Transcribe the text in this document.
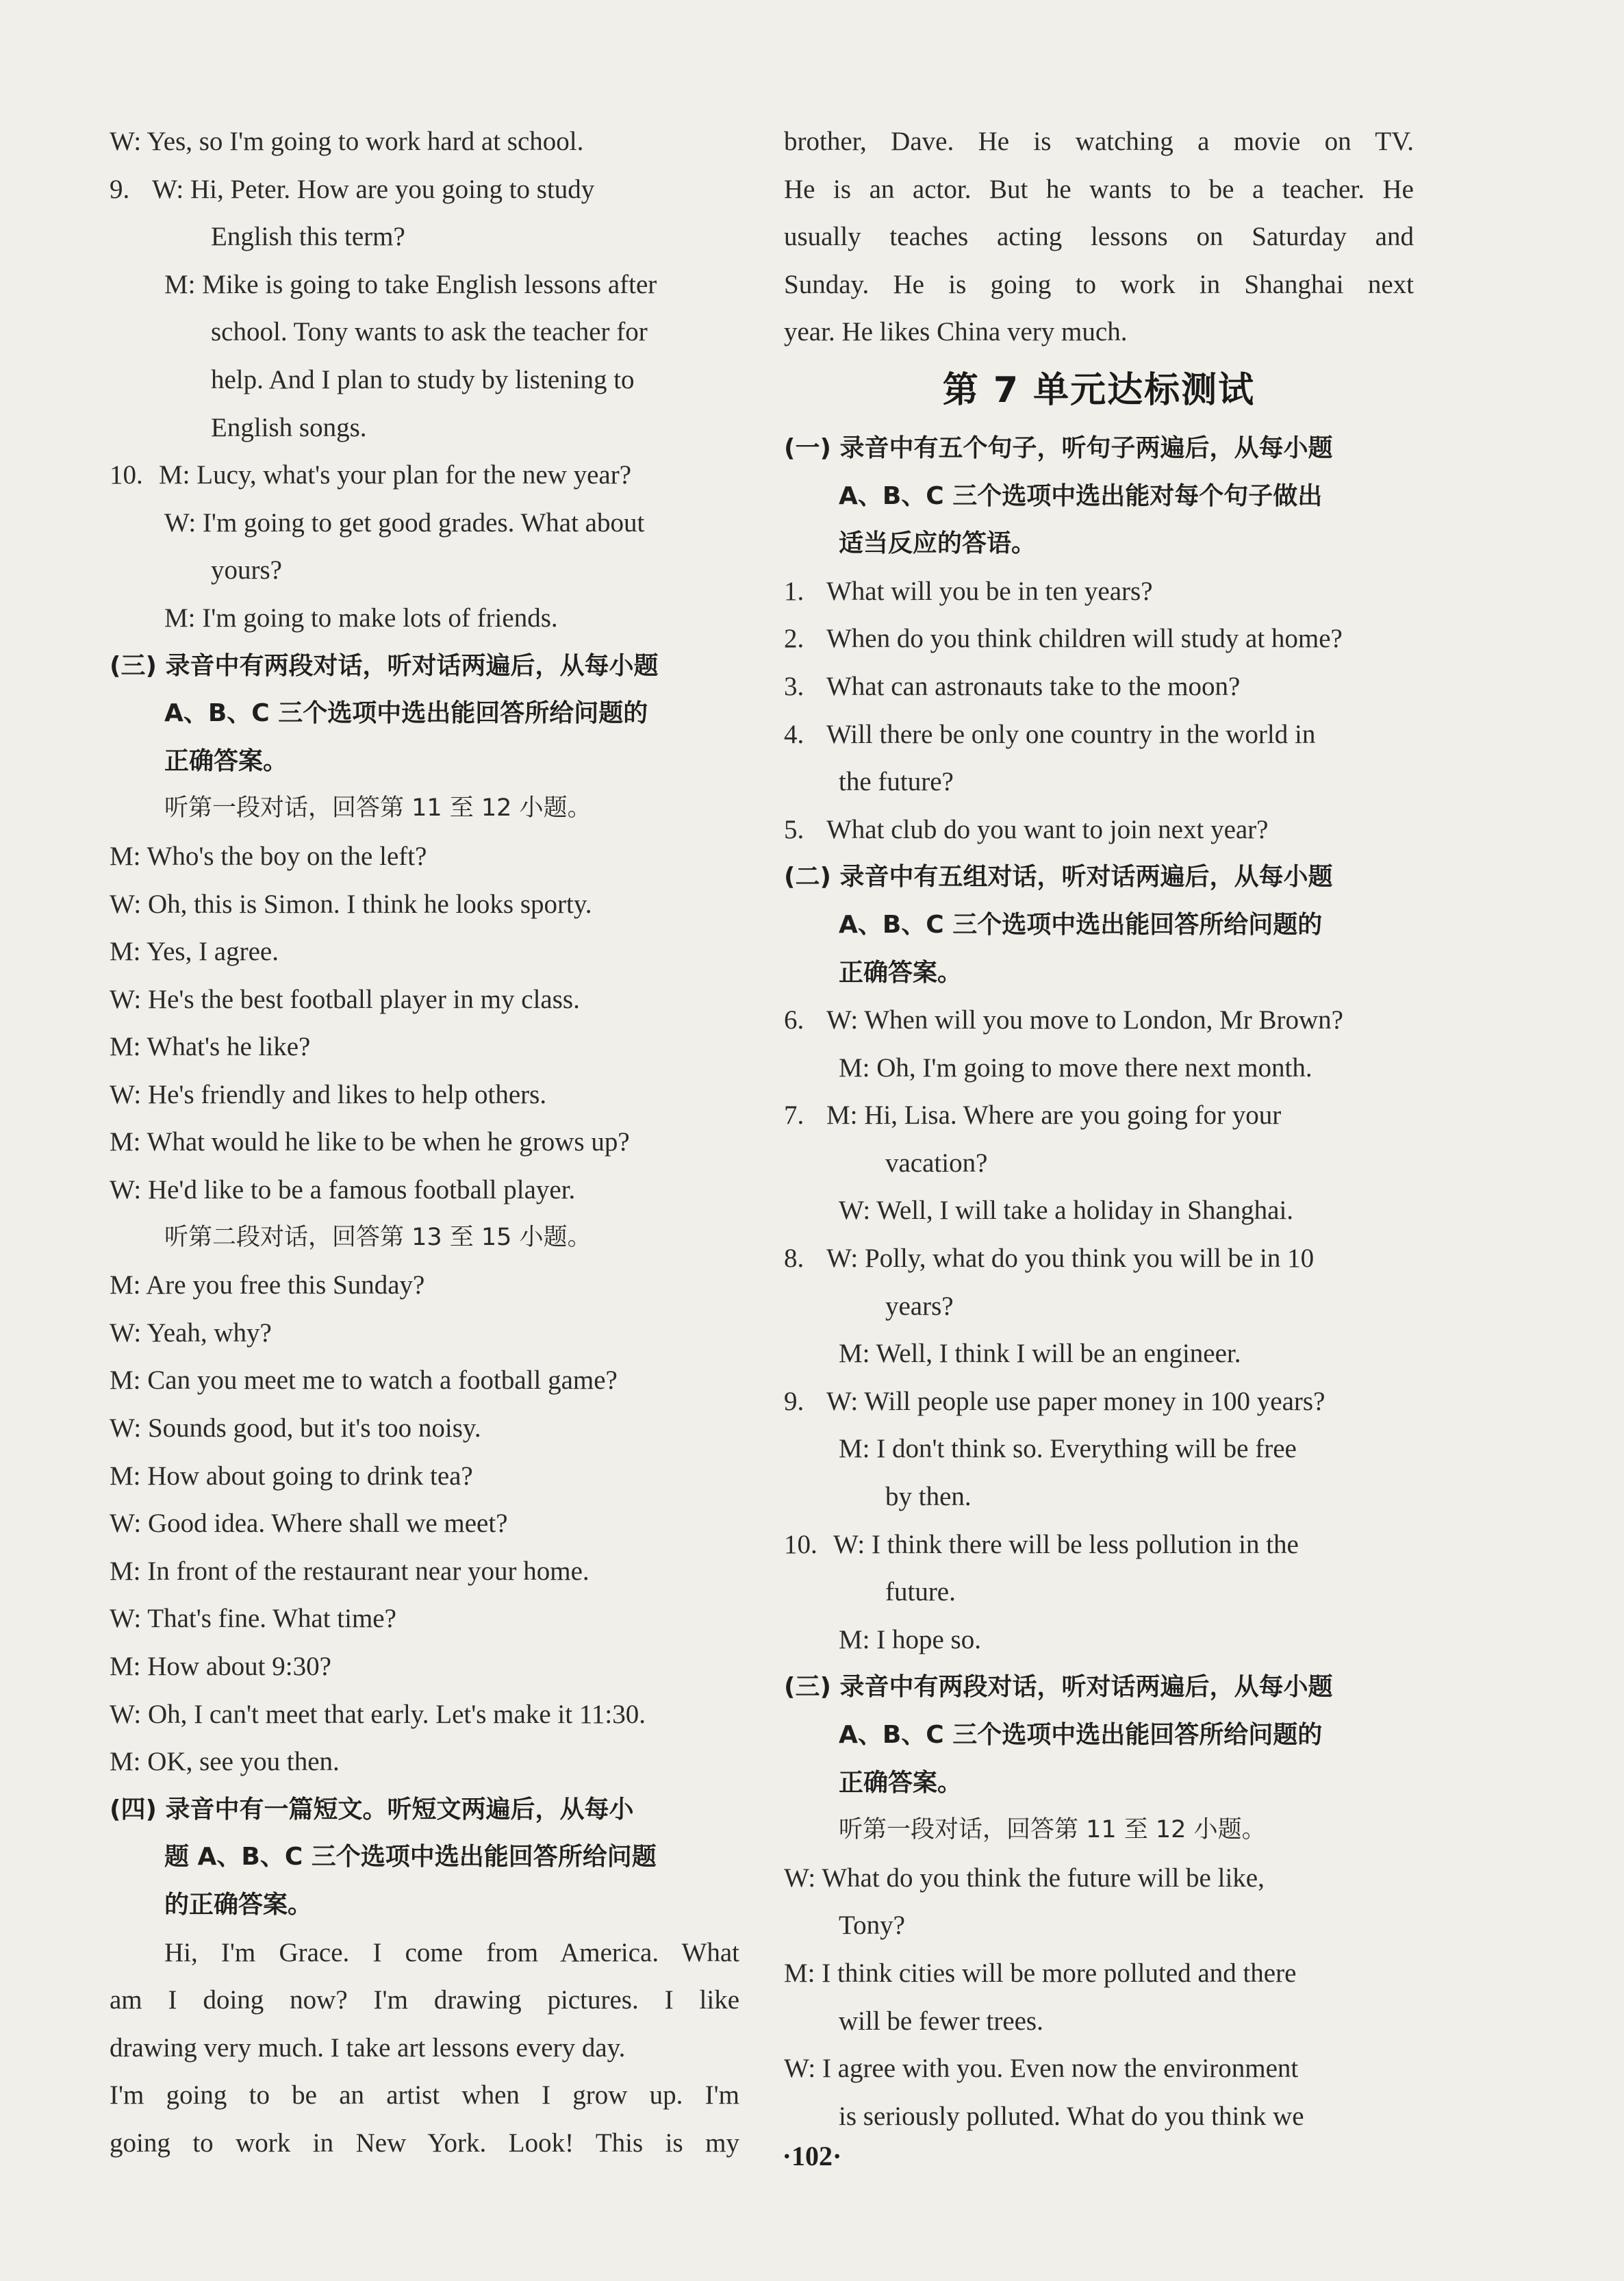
W: Yes, so I'm going to work hard at school.
9. W: Hi, Peter. How are you going to study
English this term?
M: Mike is going to take English lessons after
school. Tony wants to ask the teacher for
help. And I plan to study by listening to
English songs.
10. M: Lucy, what's your plan for the new year?
W: I'm going to get good grades. What about
yours?
M: I'm going to make lots of friends.
(三) 录音中有两段对话，听对话两遍后，从每小题
A、B、C 三个选项中选出能回答所给问题的
正确答案。
听第一段对话，回答第 11 至 12 小题。
M: Who's the boy on the left?
W: Oh, this is Simon. I think he looks sporty.
M: Yes, I agree.
W: He's the best football player in my class.
M: What's he like?
W: He's friendly and likes to help others.
M: What would he like to be when he grows up?
W: He'd like to be a famous football player.
听第二段对话，回答第 13 至 15 小题。
M: Are you free this Sunday?
W: Yeah, why?
M: Can you meet me to watch a football game?
W: Sounds good, but it's too noisy.
M: How about going to drink tea?
W: Good idea. Where shall we meet?
M: In front of the restaurant near your home.
W: That's fine. What time?
M: How about 9:30?
W: Oh, I can't meet that early. Let's make it 11:30.
M: OK, see you then.
(四) 录音中有一篇短文。听短文两遍后，从每小
题 A、B、C 三个选项中选出能回答所给问题
的正确答案。
Hi, I'm Grace. I come from America. What
am I doing now? I'm drawing pictures. I like
drawing very much. I take art lessons every day.
I'm going to be an artist when I grow up. I'm
going to work in New York. Look! This is my
brother, Dave. He is watching a movie on TV.
He is an actor. But he wants to be a teacher. He
usually teaches acting lessons on Saturday and
Sunday. He is going to work in Shanghai next
year. He likes China very much.
第 7 单元达标测试
(一) 录音中有五个句子，听句子两遍后，从每小题
A、B、C 三个选项中选出能对每个句子做出
适当反应的答语。
1. What will you be in ten years?
2. When do you think children will study at home?
3. What can astronauts take to the moon?
4. Will there be only one country in the world in
the future?
5. What club do you want to join next year?
(二) 录音中有五组对话，听对话两遍后，从每小题
A、B、C 三个选项中选出能回答所给问题的
正确答案。
6. W: When will you move to London, Mr Brown?
M: Oh, I'm going to move there next month.
7. M: Hi, Lisa. Where are you going for your
vacation?
W: Well, I will take a holiday in Shanghai.
8. W: Polly, what do you think you will be in 10
years?
M: Well, I think I will be an engineer.
9. W: Will people use paper money in 100 years?
M: I don't think so. Everything will be free
by then.
10. W: I think there will be less pollution in the
future.
M: I hope so.
(三) 录音中有两段对话，听对话两遍后，从每小题
A、B、C 三个选项中选出能回答所给问题的
正确答案。
听第一段对话，回答第 11 至 12 小题。
W: What do you think the future will be like,
Tony?
M: I think cities will be more polluted and there
will be fewer trees.
W: I agree with you. Even now the environment
is seriously polluted. What do you think we
·102·
